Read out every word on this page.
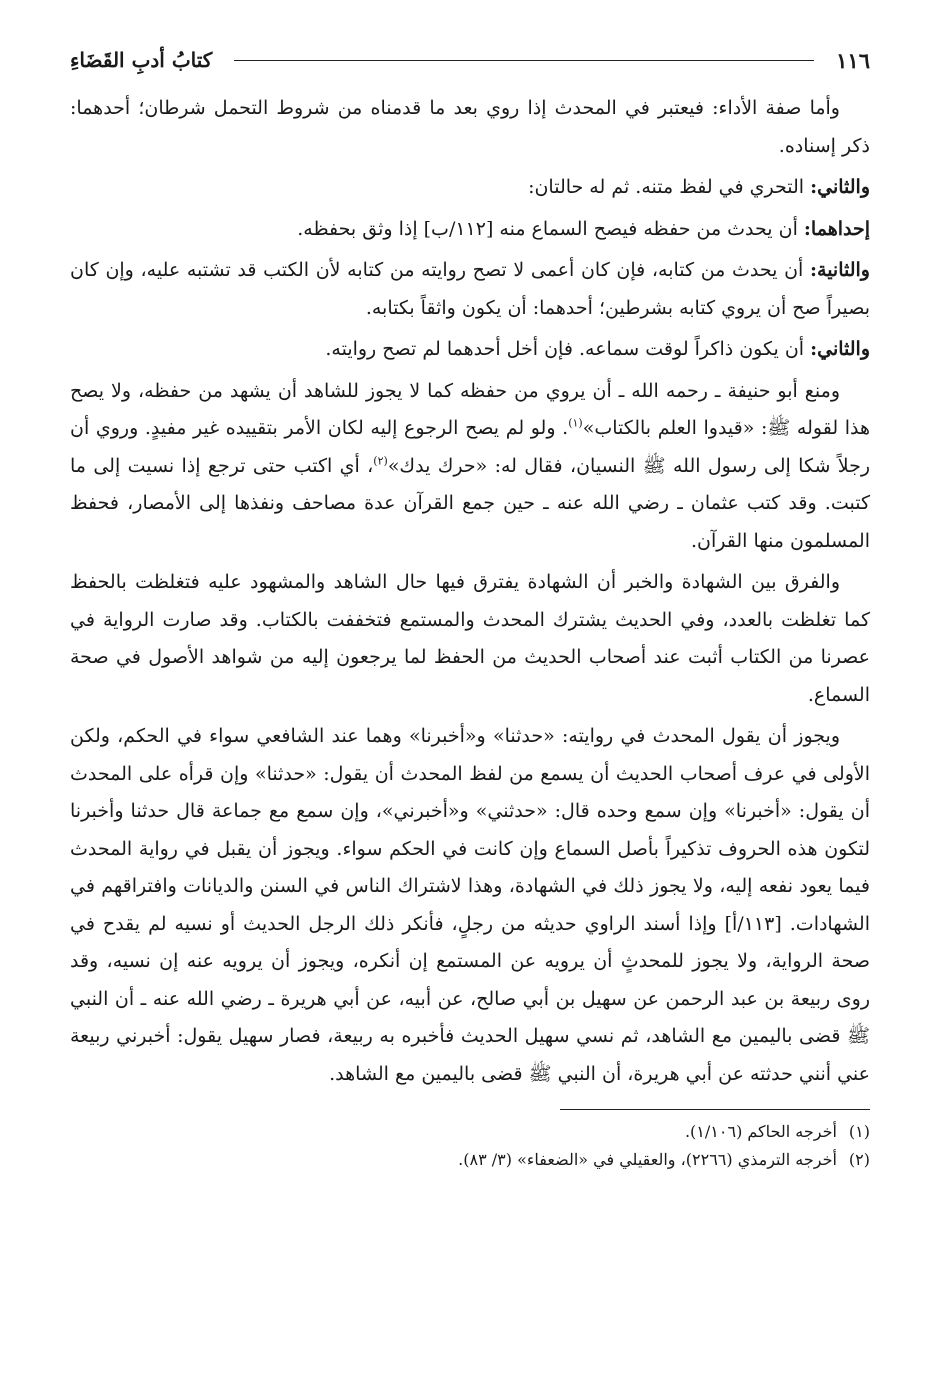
١١٦
كتابُ أدبِ القَضَاءِ

وأما صفة الأداء: فيعتبر في المحدث إذا روي بعد ما قدمناه من شروط التحمل شرطان؛ أحدهما: ذكر إسناده.

والثاني: التحري في لفظ متنه. ثم له حالتان:

إحداهما: أن يحدث من حفظه فيصح السماع منه [١١٢/ب] إذا وثق بحفظه.

والثانية: أن يحدث من كتابه، فإن كان أعمى لا تصح روايته من كتابه لأن الكتب قد تشتبه عليه، وإن كان بصيراً صح أن يروي كتابه بشرطين؛ أحدهما: أن يكون واثقاً بكتابه.

والثاني: أن يكون ذاكراً لوقت سماعه. فإن أخل أحدهما لم تصح روايته.

ومنع أبو حنيفة ـ رحمه الله ـ أن يروي من حفظه كما لا يجوز للشاهد أن يشهد من حفظه، ولا يصح هذا لقوله ﷺ: «قيدوا العلم بالكتاب»$^{(١)}$. ولو لم يصح الرجوع إليه لكان الأمر بتقييده غير مفيدٍ. وروي أن رجلاً شكا إلى رسول الله ﷺ النسيان، فقال له: «حرك يدك»$^{(٢)}$، أي اكتب حتى ترجع إذا نسيت إلى ما كتبت. وقد كتب عثمان ـ رضي الله عنه ـ حين جمع القرآن عدة مصاحف ونفذها إلى الأمصار، فحفظ المسلمون منها القرآن.

والفرق بين الشهادة والخبر أن الشهادة يفترق فيها حال الشاهد والمشهود عليه فتغلظت بالحفظ كما تغلظت بالعدد، وفي الحديث يشترك المحدث والمستمع فتخففت بالكتاب. وقد صارت الرواية في عصرنا من الكتاب أثبت عند أصحاب الحديث من الحفظ لما يرجعون إليه من شواهد الأصول في صحة السماع.

ويجوز أن يقول المحدث في روايته: «حدثنا» و«أخبرنا» وهما عند الشافعي سواء في الحكم، ولكن الأولى في عرف أصحاب الحديث أن يسمع من لفظ المحدث أن يقول: «حدثنا» وإن قرأه على المحدث أن يقول: «أخبرنا» وإن سمع وحده قال: «حدثني» و«أخبرني»، وإن سمع مع جماعة قال حدثنا وأخبرنا لتكون هذه الحروف تذكيراً بأصل السماع وإن كانت في الحكم سواء. ويجوز أن يقبل في رواية المحدث فيما يعود نفعه إليه، ولا يجوز ذلك في الشهادة، وهذا لاشتراك الناس في السنن والديانات وافتراقهم في الشهادات. [١١٣/أ] وإذا أسند الراوي حديثه من رجلٍ، فأنكر ذلك الرجل الحديث أو نسيه لم يقدح في صحة الرواية، ولا يجوز للمحدثٍ أن يرويه عن المستمع إن أنكره، ويجوز أن يرويه عنه إن نسيه، وقد روى ربيعة بن عبد الرحمن عن سهيل بن أبي صالح، عن أبيه، عن أبي هريرة ـ رضي الله عنه ـ أن النبي ﷺ قضى باليمين مع الشاهد، ثم نسي سهيل الحديث فأخبره به ربيعة، فصار سهيل يقول: أخبرني ربيعة عني أنني حدثته عن أبي هريرة، أن النبي ﷺ قضى باليمين مع الشاهد.

(١)
أخرجه الحاكم (١/١٠٦).
(٢)
أخرجه الترمذي (٢٢٦٦)، والعقيلي في «الضعفاء» (٣/ ٨٣).
